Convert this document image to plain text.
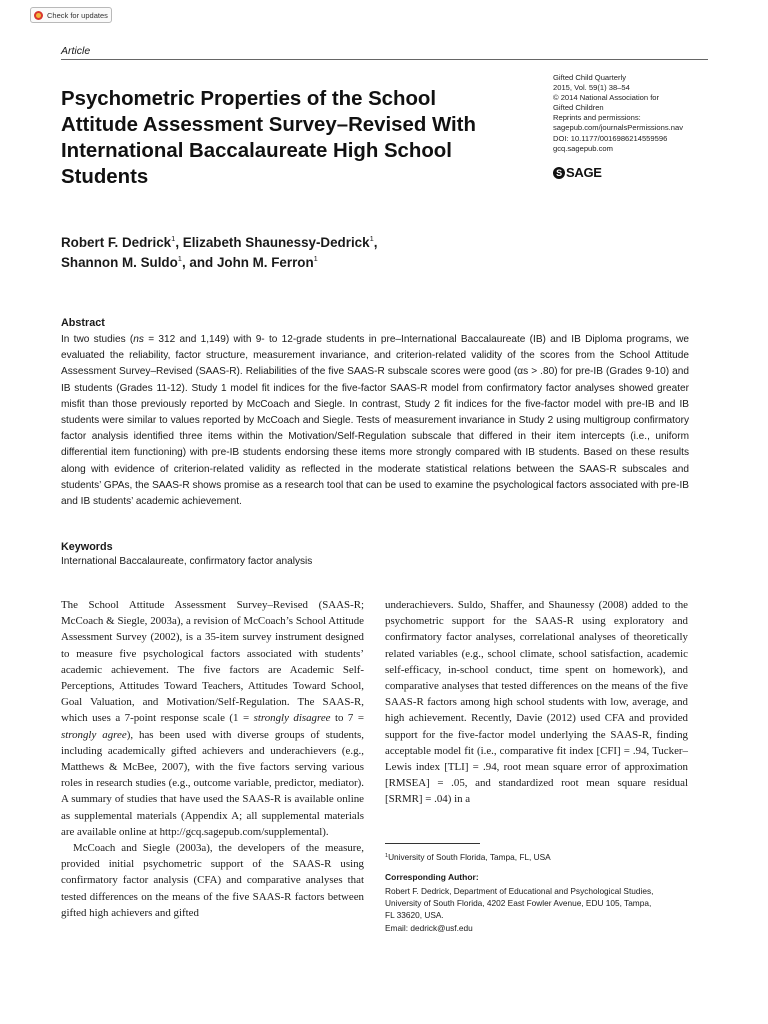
Check for updates
Article
Psychometric Properties of the School Attitude Assessment Survey–Revised With International Baccalaureate High School Students
Gifted Child Quarterly
2015, Vol. 59(1) 38–54
© 2014 National Association for
Gifted Children
Reprints and permissions:
sagepub.com/journalsPermissions.nav
DOI: 10.1177/0016986214559596
gcq.sagepub.com
S SAGE
Robert F. Dedrick$^1$, Elizabeth Shaunessy-Dedrick$^1$,
Shannon M. Suldo$^1$, and John M. Ferron$^1$
Abstract
In two studies (ns = 312 and 1,149) with 9- to 12-grade students in pre–International Baccalaureate (IB) and IB Diploma programs, we evaluated the reliability, factor structure, measurement invariance, and criterion-related validity of the scores from the School Attitude Assessment Survey–Revised (SAAS-R). Reliabilities of the five SAAS-R subscale scores were good (αs > .80) for pre-IB (Grades 9-10) and IB students (Grades 11-12). Study 1 model fit indices for the five-factor SAAS-R model from confirmatory factor analyses showed greater misfit than those previously reported by McCoach and Siegle. In contrast, Study 2 fit indices for the five-factor model with pre-IB and IB students were similar to values reported by McCoach and Siegle. Tests of measurement invariance in Study 2 using multigroup confirmatory factor analysis identified three items within the Motivation/Self-Regulation subscale that differed in their item intercepts (i.e., uniform differential item functioning) with pre-IB students endorsing these items more strongly compared with IB students. Based on these results along with evidence of criterion-related validity as reflected in the moderate statistical relations between the SAAS-R subscales and students’ GPAs, the SAAS-R shows promise as a research tool that can be used to examine the psychological factors associated with pre-IB and IB students’ academic achievement.
Keywords
International Baccalaureate, confirmatory factor analysis

The School Attitude Assessment Survey–Revised (SAAS-R; McCoach & Siegle, 2003a), a revision of McCoach’s School Attitude Assessment Survey (2002), is a 35-item survey instrument designed to measure five psychological factors associated with students’ academic achievement. The five factors are Academic Self-Perceptions, Attitudes Toward Teachers, Attitudes Toward School, Goal Valuation, and Motivation/Self-Regulation. The SAAS-R, which uses a 7-point response scale (1 = strongly disagree to 7 = strongly agree), has been used with diverse groups of students, including academically gifted achievers and underachievers (e.g., Matthews & McBee, 2007), with the five factors serving various roles in research studies (e.g., outcome variable, predictor, mediator). A summary of studies that have used the SAAS-R is available online as supplemental materials (Appendix A; all supplemental materials are available online at http://gcq.sagepub.com/supplemental).

McCoach and Siegle (2003a), the developers of the measure, provided initial psychometric support of the SAAS-R using confirmatory factor analysis (CFA) and comparative analyses that tested differences on the means of the five SAAS-R factors between gifted high achievers and gifted

underachievers. Suldo, Shaffer, and Shaunessy (2008) added to the psychometric support for the SAAS-R using exploratory and confirmatory factor analyses, correlational analyses of theoretically related variables (e.g., school climate, school satisfaction, academic self-efficacy, in-school conduct, time spent on homework), and comparative analyses that tested differences on the means of the five SAAS-R factors among high school students with low, average, and high achievement. Recently, Davie (2012) used CFA and provided support for the five-factor model underlying the SAAS-R, finding acceptable model fit (i.e., comparative fit index [CFI] = .94, Tucker–Lewis index [TLI] = .94, root mean square error of approximation [RMSEA] = .05, and standardized root mean square residual [SRMR] = .04) in a

$^1$University of South Florida, Tampa, FL, USA
Corresponding Author:
Robert F. Dedrick, Department of Educational and Psychological Studies,
University of South Florida, 4202 East Fowler Avenue, EDU 105, Tampa,
FL 33620, USA.
Email: dedrick@usf.edu
